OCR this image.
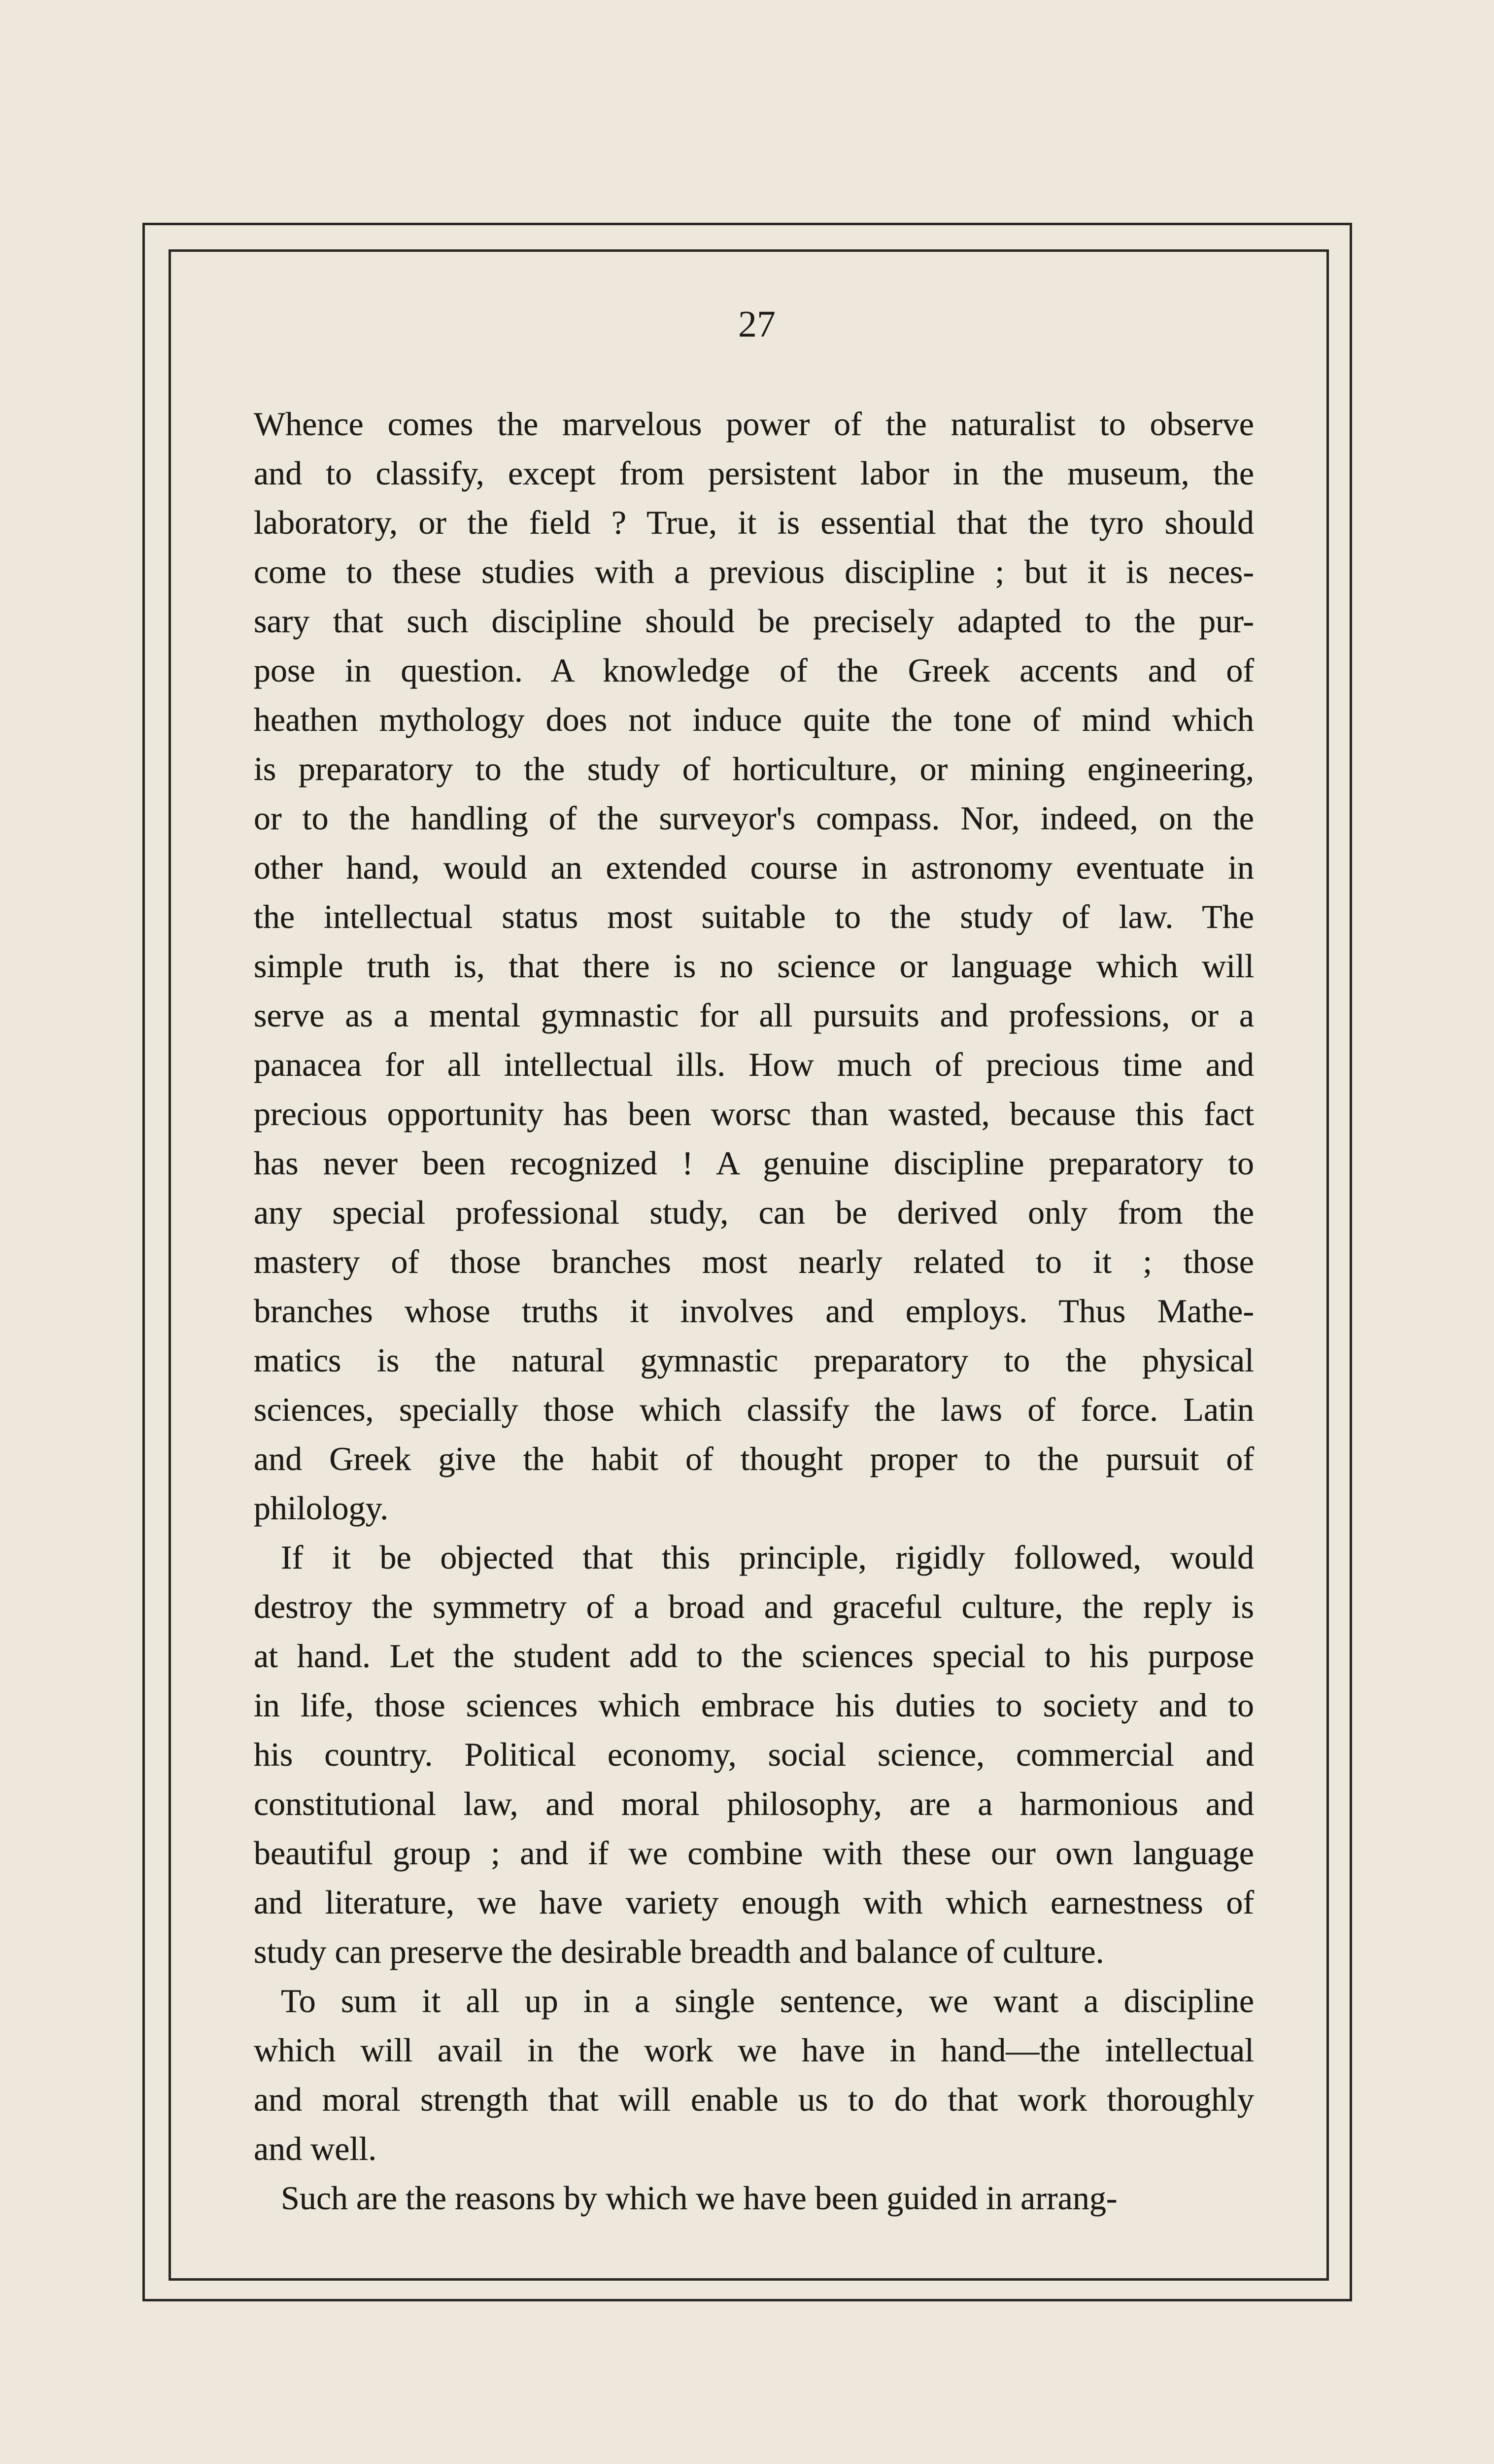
27
Whence comes the marvelous power of the naturalist to observe
and to classify, except from persistent labor in the museum, the
laboratory, or the field ? True, it is essential that the tyro should
come to these studies with a previous discipline ; but it is neces-
sary that such discipline should be precisely adapted to the pur-
pose in question. A knowledge of the Greek accents and of
heathen mythology does not induce quite the tone of mind which
is preparatory to the study of horticulture, or mining engineering,
or to the handling of the surveyor's compass. Nor, indeed, on the
other hand, would an extended course in astronomy eventuate in
the intellectual status most suitable to the study of law. The
simple truth is, that there is no science or language which will
serve as a mental gymnastic for all pursuits and professions, or a
panacea for all intellectual ills. How much of precious time and
precious opportunity has been worsc than wasted, because this fact
has never been recognized ! A genuine discipline preparatory to
any special professional study, can be derived only from the
mastery of those branches most nearly related to it ; those
branches whose truths it involves and employs. Thus Mathe-
matics is the natural gymnastic preparatory to the physical
sciences, specially those which classify the laws of force. Latin
and Greek give the habit of thought proper to the pursuit of
philology.
If it be objected that this principle, rigidly followed, would
destroy the symmetry of a broad and graceful culture, the reply is
at hand. Let the student add to the sciences special to his purpose
in life, those sciences which embrace his duties to society and to
his country. Political economy, social science, commercial and
constitutional law, and moral philosophy, are a harmonious and
beautiful group ; and if we combine with these our own language
and literature, we have variety enough with which earnestness of
study can preserve the desirable breadth and balance of culture.
To sum it all up in a single sentence, we want a discipline
which will avail in the work we have in hand—the intellectual
and moral strength that will enable us to do that work thoroughly
and well.
Such are the reasons by which we have been guided in arrang-
